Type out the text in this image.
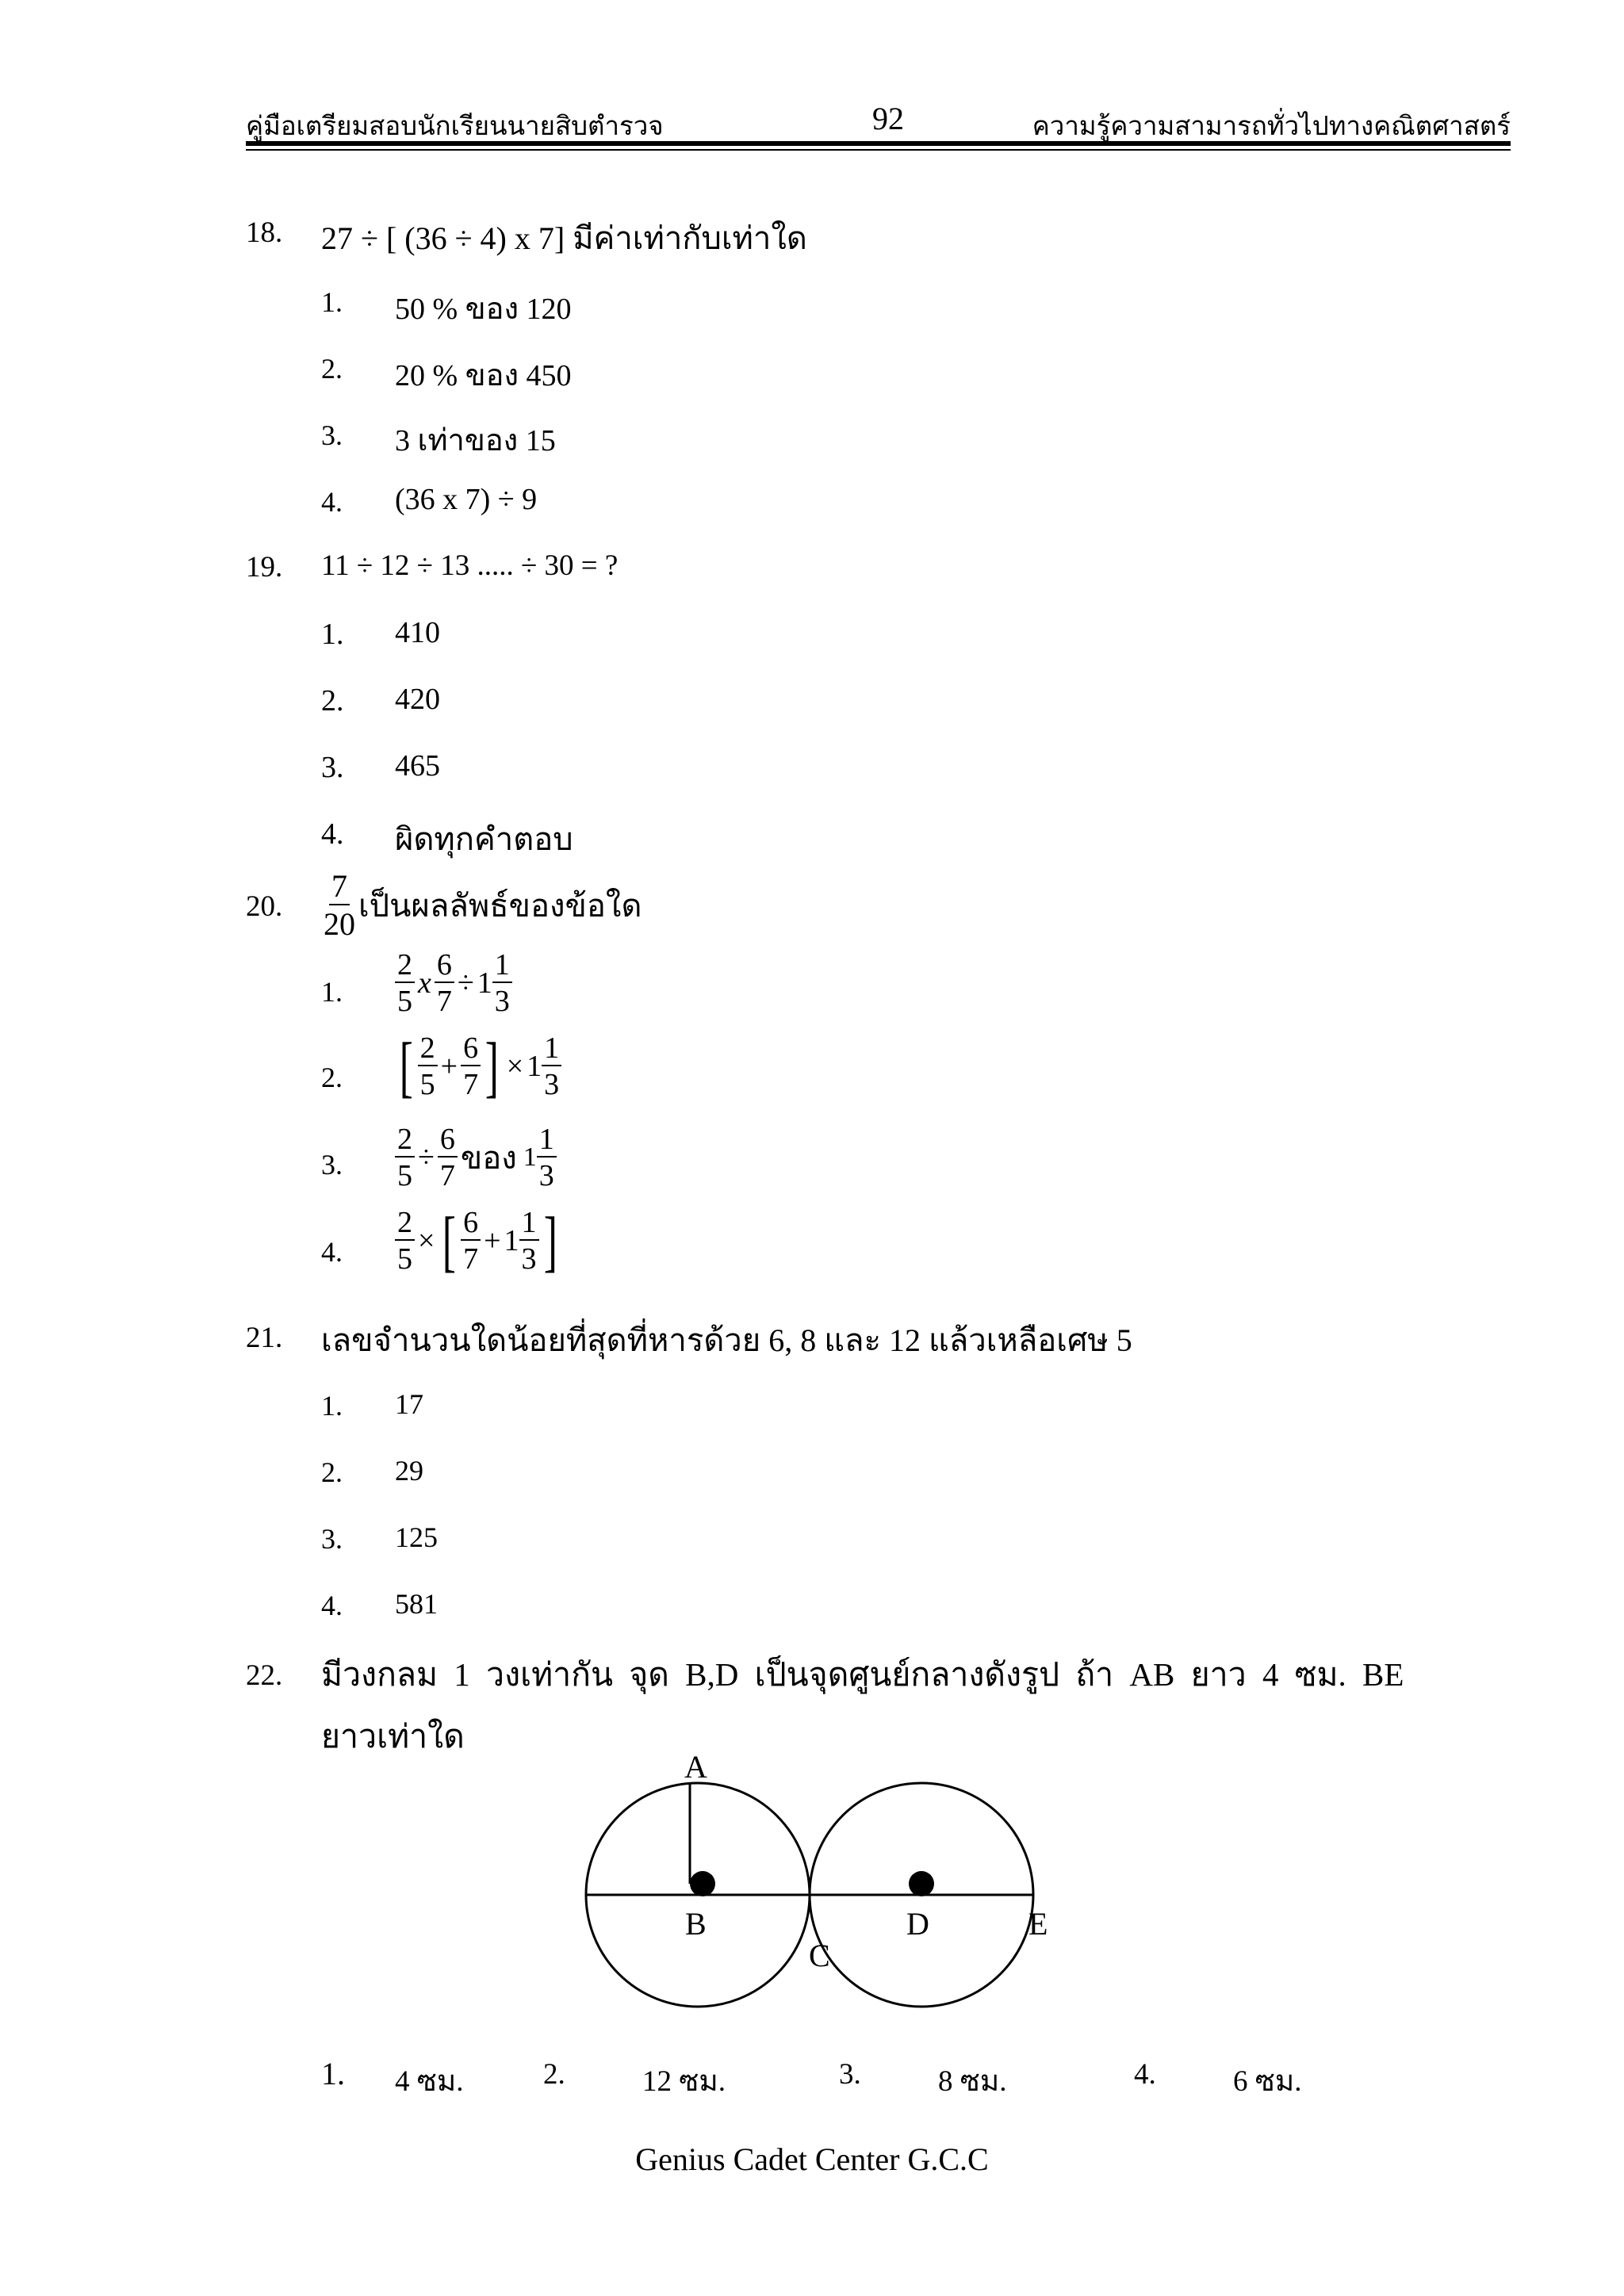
คู่มือเตรียมสอบนักเรียนนายสิบตำรวจ	92	ความรู้ความสามารถทั่วไปทางคณิตศาสตร์
18. 27 ÷ [ (36 ÷ 4) x 7] มีค่าเท่ากับเท่าใด
1. 50 % ของ 120
2. 20 % ของ 450
3. 3 เท่าของ 15
4. (36 x 7) ÷ 9
19. 11 ÷ 12 ÷ 13 ..... ÷ 30 = ?
1. 410
2. 420
3. 465
4. ผิดทุกคำตอบ
20. $\frac{7}{20}$ เป็นผลลัพธ์ของข้อใด
1. $\frac{2}{5}$ x $\frac{6}{7} \div 1 \frac{1}{3}$
2. [ $\frac{2}{5} + \frac{6}{7}$ ] × $1 \frac{1}{3}$
3. $\frac{2}{5} \div \frac{6}{7}$ ของ $1 \frac{1}{3}$
4. $\frac{2}{5}$ × [ $\frac{6}{7} + 1 \frac{1}{3}$ ]
21. เลขจำนวนใดน้อยที่สุดที่หารด้วย 6, 8 และ 12 แล้วเหลือเศษ 5
1. 17
2. 29
3. 125
4. 581
22. มีวงกลม 1 วงเท่ากัน จุด B,D เป็นจุดศูนย์กลางดังรูป ถ้า AB ยาว 4 ซม. BE
ยาวเท่าใด
A
B
C
D	E
1. 4 ซม.	2.	12 ซม.	3.	8 ซม.	4.	6 ซม.
Genius Cadet Center G.C.C
